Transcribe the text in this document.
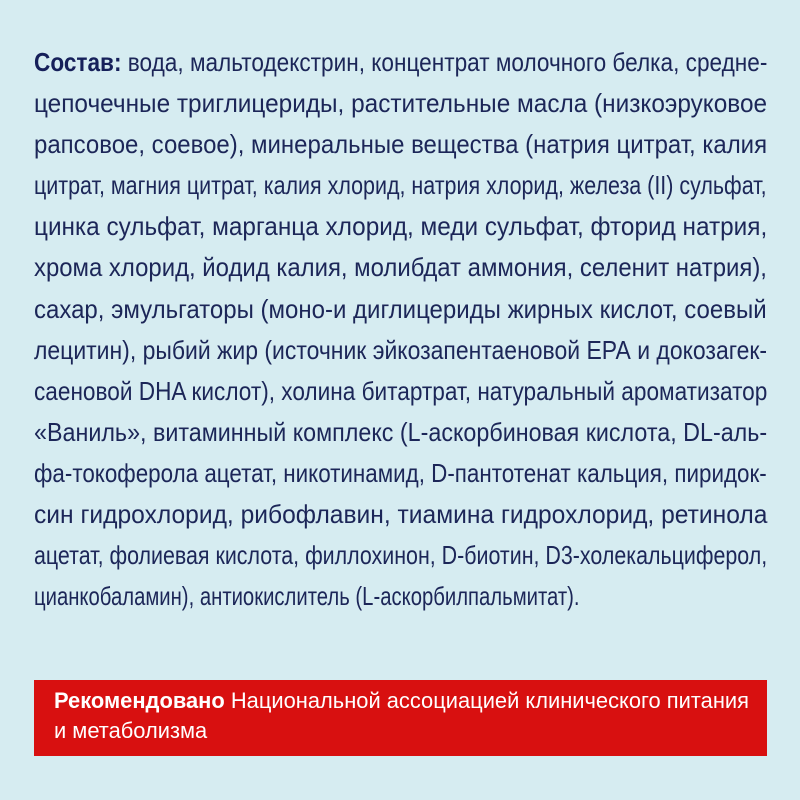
Состав: вода, мальтодекстрин, концентрат молочного белка, средне-
цепочечные триглицериды, растительные масла (низкоэруковое
рапсовое, соевое), минеральные вещества (натрия цитрат, калия
цитрат, магния цитрат, калия хлорид, натрия хлорид, железа (II) сульфат,
цинка сульфат, марганца хлорид, меди сульфат, фторид натрия,
хрома хлорид, йодид калия, молибдат аммония, селенит натрия),
сахар, эмульгаторы (моно-и диглицериды жирных кислот, соевый
лецитин), рыбий жир (источник эйкозапентаеновой ЕРА и докозагек-
саеновой DHA кислот), холина битартрат, натуральный ароматизатор
«Ваниль», витаминный комплекс (L-аскорбиновая кислота, DL-аль-
фа-токоферола ацетат, никотинамид, D-пантотенат кальция, пиридок-
син гидрохлорид, рибофлавин, тиамина гидрохлорид, ретинола
ацетат, фолиевая кислота, филлохинон, D-биотин, D3-холекальциферол,
цианкобаламин), антиокислитель (L-аскорбилпальмитат).
Рекомендовано Национальной ассоциацией клинического питания
и метаболизма
